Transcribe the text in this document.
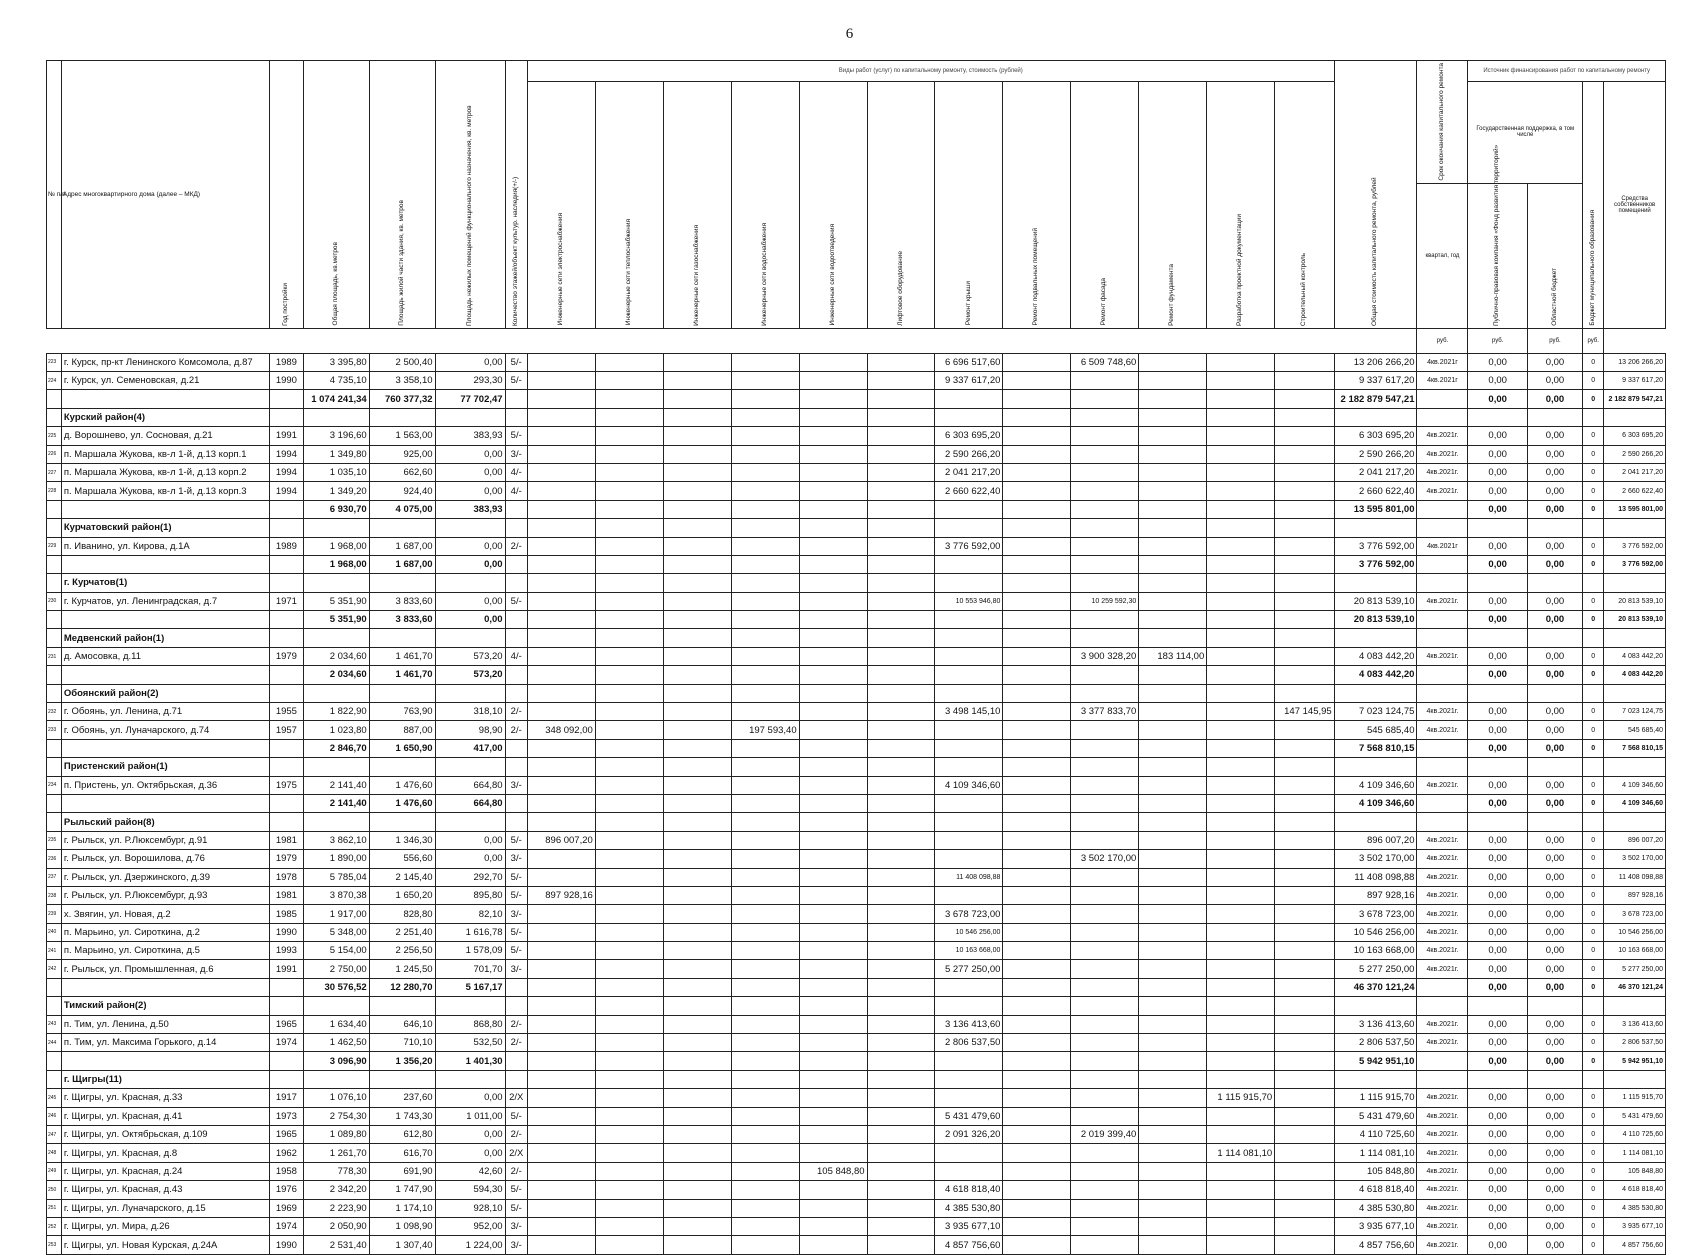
6
№ п/п	Адрес многоквартирного дома (далее – МКД)	Год постройки	Общая площадь, кв.метров	Площадь жилой части здания, кв. метров	Площадь нежилых помещений функционального назначения, кв. метров	Количество этажей/объект культур. наследия(+/-)	Виды работ (услуг) по капитальному ремонту, стоимость (рублей)												Общая стоимость капитального ремонта, рублей	Срок окончания капитального ремонта	Источник финансирования работ по капитальному ремонту			

							Инженерные сети электроснабжения	Инженерные сети теплоснабжения	Инженерные сети газоснабжения	Инженерные сети водоснабжения	Инженерные сети водоотведения	Лифтовое оборудование	Ремонт крыши	Ремонт подвальных помещений	Ремонт фасада	Ремонт фундамента	Разработка проектной документации	Строительный контроль			Государственная поддержка, в том числе		Бюджет муниципального образования	Средства собственников помещений
																				квартал, год	Публично-правовая компания «Фонд развития территорий»	Областной бюджет		

																				руб.	руб.	руб.	руб.	
223	г. Курск, пр-кт Ленинского Комсомола, д.87	1989	3 395,80	2 500,40	0,00	5/-							6 696 517,60		6 509 748,60				13 206 266,20	4кв.2021г	0,00	0,00	0	13 206 266,20
224	г. Курск, ул. Семеновская, д.21	1990	4 735,10	3 358,10	293,30	5/-							9 337 617,20						9 337 617,20	4кв.2021г	0,00	0,00	0	9 337 617,20
			1 074 241,34	760 377,32	77 702,47														2 182 879 547,21		0,00	0,00	0	2 182 879 547,21
	Курский район(4)																							
225	д. Ворошнево, ул. Сосновая, д.21	1991	3 196,60	1 563,00	383,93	5/-							6 303 695,20						6 303 695,20	4кв.2021г.	0,00	0,00	0	6 303 695,20
226	п. Маршала Жукова, кв-л 1-й, д.13 корп.1	1994	1 349,80	925,00	0,00	3/-							2 590 266,20						2 590 266,20	4кв.2021г.	0,00	0,00	0	2 590 266,20
227	п. Маршала Жукова, кв-л 1-й, д.13 корп.2	1994	1 035,10	662,60	0,00	4/-							2 041 217,20						2 041 217,20	4кв.2021г.	0,00	0,00	0	2 041 217,20
228	п. Маршала Жукова, кв-л 1-й, д.13 корп.3	1994	1 349,20	924,40	0,00	4/-							2 660 622,40						2 660 622,40	4кв.2021г.	0,00	0,00	0	2 660 622,40
			6 930,70	4 075,00	383,93														13 595 801,00		0,00	0,00	0	13 595 801,00
	Курчатовский район(1)																							
229	п. Иванино, ул. Кирова, д.1А	1989	1 968,00	1 687,00	0,00	2/-							3 776 592,00						3 776 592,00	4кв.2021г	0,00	0,00	0	3 776 592,00
			1 968,00	1 687,00	0,00														3 776 592,00		0,00	0,00	0	3 776 592,00
	г. Курчатов(1)																							
230	г. Курчатов, ул. Ленинградская, д.7	1971	5 351,90	3 833,60	0,00	5/-							10 553 946,80		10 259 592,30				20 813 539,10	4кв.2021г.	0,00	0,00	0	20 813 539,10
			5 351,90	3 833,60	0,00														20 813 539,10		0,00	0,00	0	20 813 539,10
	Медвенский район(1)																							
231	д. Амосовка, д.11	1979	2 034,60	1 461,70	573,20	4/-									3 900 328,20	183 114,00			4 083 442,20	4кв.2021г.	0,00	0,00	0	4 083 442,20
			2 034,60	1 461,70	573,20														4 083 442,20		0,00	0,00	0	4 083 442,20
	Обоянский район(2)																							
232	г. Обоянь, ул. Ленина, д.71	1955	1 822,90	763,90	318,10	2/-							3 498 145,10		3 377 833,70			147 145,95	7 023 124,75	4кв.2021г.	0,00	0,00	0	7 023 124,75
233	г. Обоянь, ул. Луначарского, д.74	1957	1 023,80	887,00	98,90	2/-	348 092,00			197 593,40									545 685,40	4кв.2021г.	0,00	0,00	0	545 685,40
			2 846,70	1 650,90	417,00														7 568 810,15		0,00	0,00	0	7 568 810,15
	Пристенский район(1)																							
234	п. Пристень, ул. Октябрьская, д.36	1975	2 141,40	1 476,60	664,80	3/-							4 109 346,60						4 109 346,60	4кв.2021г.	0,00	0,00	0	4 109 346,60
			2 141,40	1 476,60	664,80														4 109 346,60		0,00	0,00	0	4 109 346,60
	Рыльский район(8)																							
235	г. Рыльск, ул. Р.Люксембург, д.91	1981	3 862,10	1 346,30	0,00	5/-	896 007,20												896 007,20	4кв.2021г.	0,00	0,00	0	896 007,20
236	г. Рыльск, ул. Ворошилова, д.76	1979	1 890,00	556,60	0,00	3/-									3 502 170,00				3 502 170,00	4кв.2021г.	0,00	0,00	0	3 502 170,00
237	г. Рыльск, ул. Дзержинского, д.39	1978	5 785,04	2 145,40	292,70	5/-							11 408 098,88						11 408 098,88	4кв.2021г.	0,00	0,00	0	11 408 098,88
238	г. Рыльск, ул. Р.Люксембург, д.93	1981	3 870,38	1 650,20	895,80	5/-	897 928,16												897 928,16	4кв.2021г.	0,00	0,00	0	897 928,16
239	х. Звягин, ул. Новая, д.2	1985	1 917,00	828,80	82,10	3/-							3 678 723,00						3 678 723,00	4кв.2021г.	0,00	0,00	0	3 678 723,00
240	п. Марьино, ул. Сироткина, д.2	1990	5 348,00	2 251,40	1 616,78	5/-							10 546 256,00						10 546 256,00	4кв.2021г.	0,00	0,00	0	10 546 256,00
241	п. Марьино, ул. Сироткина, д.5	1993	5 154,00	2 256,50	1 578,09	5/-							10 163 668,00						10 163 668,00	4кв.2021г.	0,00	0,00	0	10 163 668,00
242	г. Рыльск, ул. Промышленная, д.6	1991	2 750,00	1 245,50	701,70	3/-							5 277 250,00						5 277 250,00	4кв.2021г.	0,00	0,00	0	5 277 250,00
			30 576,52	12 280,70	5 167,17														46 370 121,24		0,00	0,00	0	46 370 121,24
	Тимский район(2)																							
243	п. Тим, ул. Ленина, д.50	1965	1 634,40	646,10	868,80	2/-							3 136 413,60						3 136 413,60	4кв.2021г.	0,00	0,00	0	3 136 413,60
244	п. Тим, ул. Максима Горького, д.14	1974	1 462,50	710,10	532,50	2/-							2 806 537,50						2 806 537,50	4кв.2021г.	0,00	0,00	0	2 806 537,50
			3 096,90	1 356,20	1 401,30														5 942 951,10		0,00	0,00	0	5 942 951,10
	г. Щигры(11)																							
245	г. Щигры, ул. Красная, д.33	1917	1 076,10	237,60	0,00	2/Х											1 115 915,70		1 115 915,70	4кв.2021г.	0,00	0,00	0	1 115 915,70
246	г. Щигры, ул. Красная, д.41	1973	2 754,30	1 743,30	1 011,00	5/-							5 431 479,60						5 431 479,60	4кв.2021г.	0,00	0,00	0	5 431 479,60
247	г. Щигры, ул. Октябрьская, д.109	1965	1 089,80	612,80	0,00	2/-							2 091 326,20		2 019 399,40				4 110 725,60	4кв.2021г.	0,00	0,00	0	4 110 725,60
248	г. Щигры, ул. Красная, д.8	1962	1 261,70	616,70	0,00	2/Х											1 114 081,10		1 114 081,10	4кв.2021г.	0,00	0,00	0	1 114 081,10
249	г. Щигры, ул. Красная, д.24	1958	778,30	691,90	42,60	2/-					105 848,80								105 848,80	4кв.2021г.	0,00	0,00	0	105 848,80
250	г. Щигры, ул. Красная, д.43	1976	2 342,20	1 747,90	594,30	5/-							4 618 818,40						4 618 818,40	4кв.2021г.	0,00	0,00	0	4 618 818,40
251	г. Щигры, ул. Луначарского, д.15	1969	2 223,90	1 174,10	928,10	5/-							4 385 530,80						4 385 530,80	4кв.2021г.	0,00	0,00	0	4 385 530,80
252	г. Щигры, ул. Мира, д.26	1974	2 050,90	1 098,90	952,00	3/-							3 935 677,10						3 935 677,10	4кв.2021г.	0,00	0,00	0	3 935 677,10
253	г. Щигры, ул. Новая Курская, д.24А	1990	2 531,40	1 307,40	1 224,00	3/-							4 857 756,60						4 857 756,60	4кв.2021г.	0,00	0,00	0	4 857 756,60
